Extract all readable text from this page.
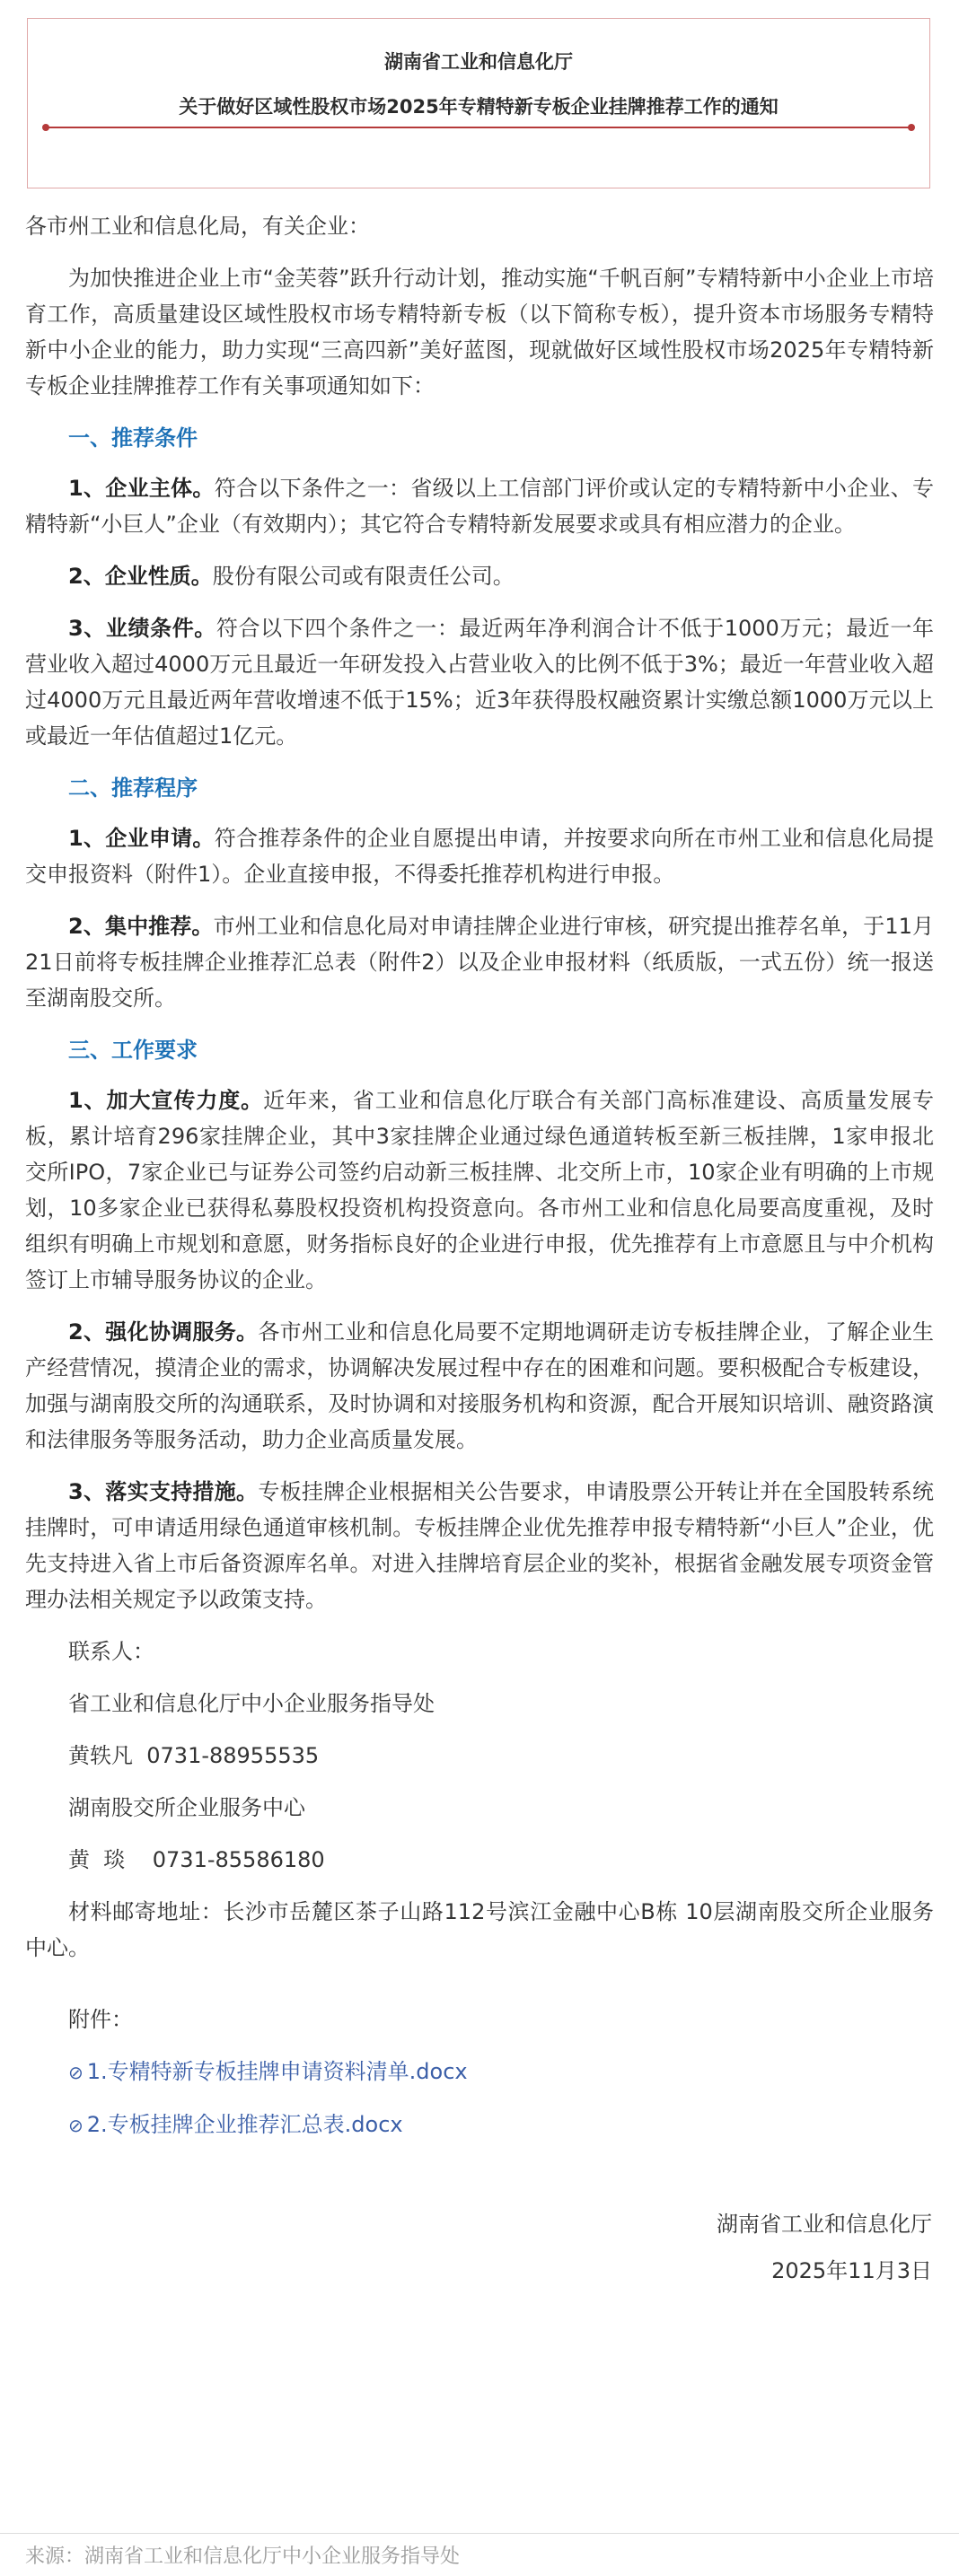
湖南省工业和信息化厅
关于做好区域性股权市场2025年专精特新专板企业挂牌推荐工作的通知

各市州工业和信息化局，有关企业：

为加快推进企业上市“金芙蓉”跃升行动计划，推动实施“千帆百舸”专精特新中小企业上市培育工作，高质量建设区域性股权市场专精特新专板（以下简称专板），提升资本市场服务专精特新中小企业的能力，助力实现“三高四新”美好蓝图，现就做好区域性股权市场2025年专精特新专板企业挂牌推荐工作有关事项通知如下：

一、推荐条件

1、企业主体。符合以下条件之一：省级以上工信部门评价或认定的专精特新中小企业、专精特新“小巨人”企业（有效期内）；其它符合专精特新发展要求或具有相应潜力的企业。

2、企业性质。股份有限公司或有限责任公司。

3、业绩条件。符合以下四个条件之一：最近两年净利润合计不低于1000万元；最近一年营业收入超过4000万元且最近一年研发投入占营业收入的比例不低于3%；最近一年营业收入超过4000万元且最近两年营收增速不低于15%；近3年获得股权融资累计实缴总额1000万元以上或最近一年估值超过1亿元。

二、推荐程序

1、企业申请。符合推荐条件的企业自愿提出申请，并按要求向所在市州工业和信息化局提交申报资料（附件1）。企业直接申报，不得委托推荐机构进行申报。

2、集中推荐。市州工业和信息化局对申请挂牌企业进行审核，研究提出推荐名单，于11月21日前将专板挂牌企业推荐汇总表（附件2）以及企业申报材料（纸质版，一式五份）统一报送至湖南股交所。

三、工作要求

1、加大宣传力度。近年来，省工业和信息化厅联合有关部门高标准建设、高质量发展专板，累计培育296家挂牌企业，其中3家挂牌企业通过绿色通道转板至新三板挂牌，1家申报北交所IPO，7家企业已与证券公司签约启动新三板挂牌、北交所上市，10家企业有明确的上市规划，10多家企业已获得私募股权投资机构投资意向。各市州工业和信息化局要高度重视，及时组织有明确上市规划和意愿，财务指标良好的企业进行申报，优先推荐有上市意愿且与中介机构签订上市辅导服务协议的企业。

2、强化协调服务。各市州工业和信息化局要不定期地调研走访专板挂牌企业，了解企业生产经营情况，摸清企业的需求，协调解决发展过程中存在的困难和问题。要积极配合专板建设，加强与湖南股交所的沟通联系，及时协调和对接服务机构和资源，配合开展知识培训、融资路演和法律服务等服务活动，助力企业高质量发展。

3、落实支持措施。专板挂牌企业根据相关公告要求，申请股票公开转让并在全国股转系统挂牌时，可申请适用绿色通道审核机制。专板挂牌企业优先推荐申报专精特新“小巨人”企业，优先支持进入省上市后备资源库名单。对进入挂牌培育层企业的奖补，根据省金融发展专项资金管理办法相关规定予以政策支持。

联系人：

省工业和信息化厅中小企业服务指导处

黄轶凡  0731-88955535

湖南股交所企业服务中心

黄  琰    0731-85586180

材料邮寄地址：长沙市岳麓区茶子山路112号滨江金融中心B栋 10层湖南股交所企业服务中心。

附件：

⊘ 1.专精特新专板挂牌申请资料清单.docx

⊘ 2.专板挂牌企业推荐汇总表.docx

湖南省工业和信息化厅

2025年11月3日

来源：湖南省工业和信息化厅中小企业服务指导处
